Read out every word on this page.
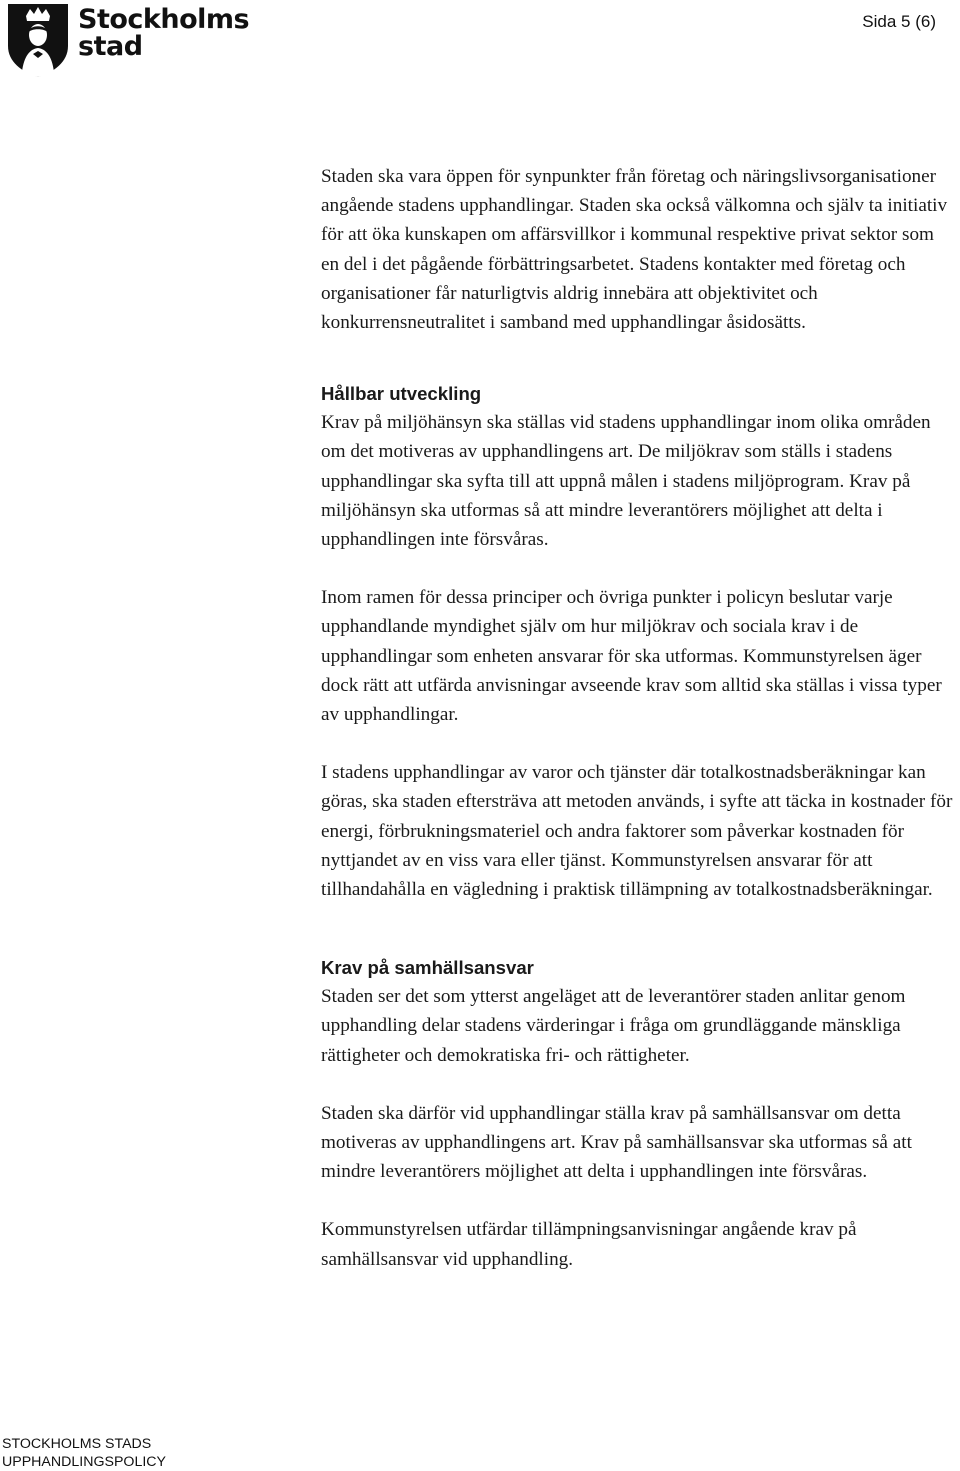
Stockholms
stad
Sida 5 (6)

Staden ska vara öppen för synpunkter från företag och näringslivsorganisationer angående stadens upphandlingar. Staden ska också välkomna och själv ta initiativ för att öka kunskapen om affärsvillkor i kommunal respektive privat sektor som en del i det pågående förbättringsarbetet. Stadens kontakter med företag och organisationer får naturligtvis aldrig innebära att objektivitet och konkurrensneutralitet i samband med upphandlingar åsidosätts.

Hållbar utveckling

Krav på miljöhänsyn ska ställas vid stadens upphandlingar inom olika områden om det motiveras av upphandlingens art. De miljökrav som ställs i stadens upphandlingar ska syfta till att uppnå målen i stadens miljöprogram. Krav på miljöhänsyn ska utformas så att mindre leverantörers möjlighet att delta i upphandlingen inte försvåras.

Inom ramen för dessa principer och övriga punkter i policyn beslutar varje upphandlande myndighet själv om hur miljökrav och sociala krav i de upphandlingar som enheten ansvarar för ska utformas. Kommunstyrelsen äger dock rätt att utfärda anvisningar avseende krav som alltid ska ställas i vissa typer av upphandlingar.

I stadens upphandlingar av varor och tjänster där totalkostnadsberäkningar kan göras, ska staden eftersträva att metoden används, i syfte att täcka in kostnader för energi, förbrukningsmateriel och andra faktorer som påverkar kostnaden för nyttjandet av en viss vara eller tjänst. Kommunstyrelsen ansvarar för att tillhandahålla en vägledning i praktisk tillämpning av totalkostnadsberäkningar.

Krav på samhällsansvar

Staden ser det som ytterst angeläget att de leverantörer staden anlitar genom upphandling delar stadens värderingar i fråga om grundläggande mänskliga rättigheter och demokratiska fri- och rättigheter.

Staden ska därför vid upphandlingar ställa krav på samhällsansvar om detta motiveras av upphandlingens art. Krav på samhällsansvar ska utformas så att mindre leverantörers möjlighet att delta i upphandlingen inte försvåras.

Kommunstyrelsen utfärdar tillämpningsanvisningar angående krav på samhällsansvar vid upphandling.

STOCKHOLMS STADS
UPPHANDLINGSPOLICY
